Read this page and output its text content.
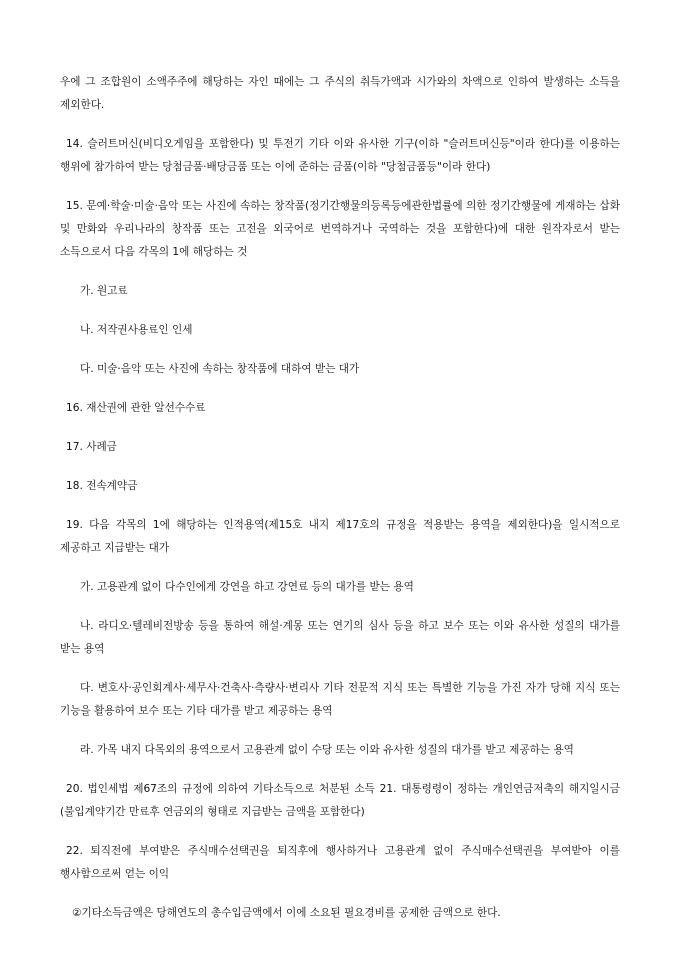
우에 그 조합원이 소액주주에 해당하는 자인 때에는 그 주식의 취득가액과 시가와의 차액으로 인하여 발생하는 소득을 제외한다.

14. 슬러트머신(비디오게임을 포함한다) 및 투전기 기타 이와 유사한 기구(이하 "슬러트머신등"이라 한다)를 이용하는 행위에 참가하여 받는 당첨금품·배당금품 또는 이에 준하는 금품(이하 "당첨금품등"이라 한다)

15. 문예·학술·미술·음악 또는 사진에 속하는 창작품(정기간행물의등록등에관한법률에 의한 정기간행물에 게재하는 삽화 및 만화와 우리나라의 창작품 또는 고전을 외국어로 번역하거나 국역하는 것을 포함한다)에 대한 원작자로서 받는 소득으로서 다음 각목의 1에 해당하는 것

가. 원고료

나. 저작권사용료인 인세

다. 미술·음악 또는 사진에 속하는 창작품에 대하여 받는 대가

16. 재산권에 관한 알선수수료

17. 사례금

18. 전속계약금

19. 다음 각목의 1에 해당하는 인적용역(제15호 내지 제17호의 규정을 적용받는 용역을 제외한다)을 일시적으로 제공하고 지급받는 대가

가. 고용관계 없이 다수인에게 강연을 하고 강연료 등의 대가를 받는 용역

나. 라디오·텔레비전방송 등을 통하여 해설·계몽 또는 연기의 심사 등을 하고 보수 또는 이와 유사한 성질의 대가를 받는 용역

다. 변호사·공인회계사·세무사·건축사·측량사·변리사 기타 전문적 지식 또는 특별한 기능을 가진 자가 당해 지식 또는 기능을 활용하여 보수 또는 기타 대가를 받고 제공하는 용역

라. 가목 내지 다목외의 용역으로서 고용관계 없이 수당 또는 이와 유사한 성질의 대가를 받고 제공하는 용역

20. 법인세법 제67조의 규정에 의하여 기타소득으로 처분된 소득 21. 대통령령이 정하는 개인연금저축의 해지일시금(불입계약기간 만료후 연금외의 형태로 지급받는 금액을 포함한다)

22. 퇴직전에 부여받은 주식매수선택권을 퇴직후에 행사하거나 고용관계 없이 주식매수선택권을 부여받아 이를 행사함으로써 얻는 이익

②기타소득금액은 당해연도의 총수입금액에서 이에 소요된 필요경비를 공제한 금액으로 한다.
